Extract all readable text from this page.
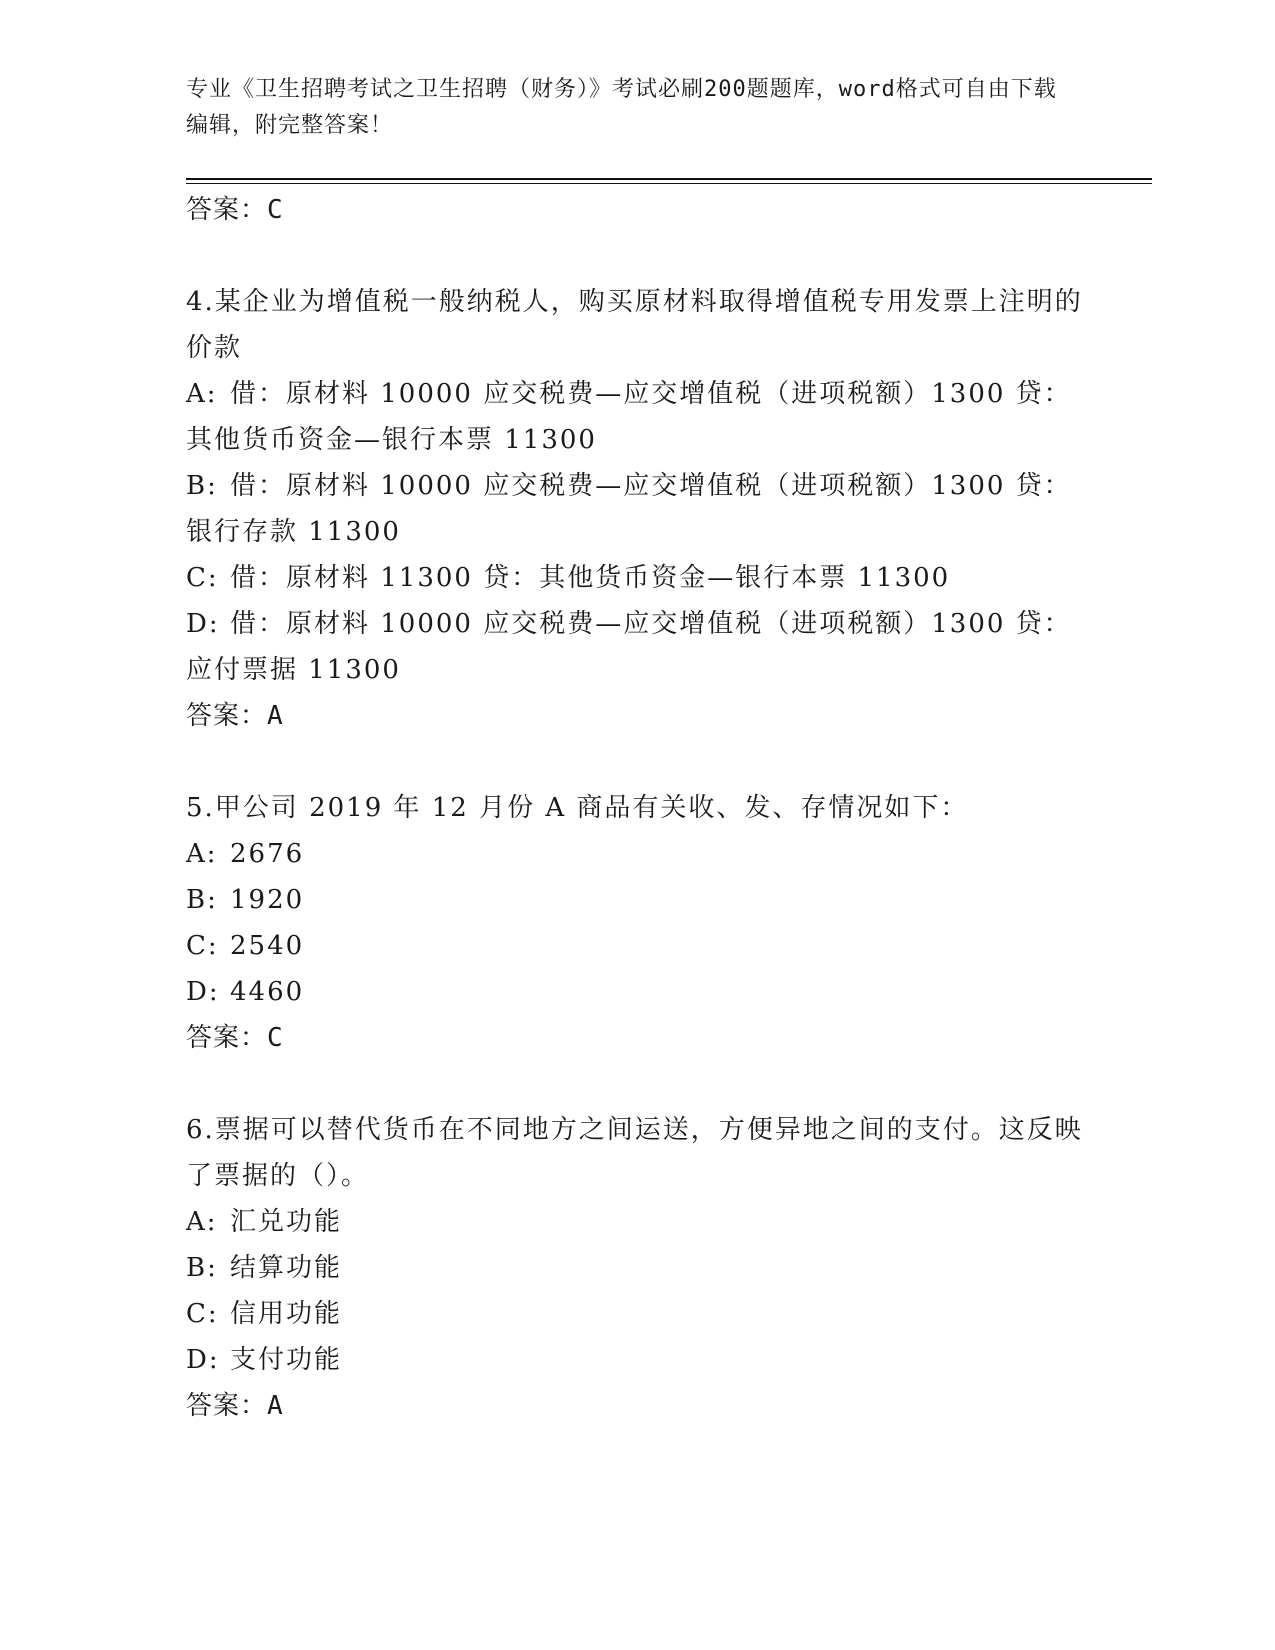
专业《卫生招聘考试之卫生招聘（财务）》考试必刷200题题库，word格式可自由下载编辑，附完整答案！
答案：C
4.某企业为增值税一般纳税人，购买原材料取得增值税专用发票上注明的价款
A: 借：原材料 10000 应交税费—应交增值税（进项税额）1300 贷：其他货币资金—银行本票 11300
B: 借：原材料 10000 应交税费—应交增值税（进项税额）1300 贷：银行存款 11300
C: 借：原材料 11300 贷：其他货币资金—银行本票 11300
D: 借：原材料 10000 应交税费—应交增值税（进项税额）1300 贷：应付票据 11300
答案：A
5.甲公司 2019 年 12 月份 A 商品有关收、发、存情况如下：
A: 2676
B: 1920
C: 2540
D: 4460
答案：C
6.票据可以替代货币在不同地方之间运送，方便异地之间的支付。这反映了票据的（）。
A: 汇兑功能
B: 结算功能
C: 信用功能
D: 支付功能
答案：A
